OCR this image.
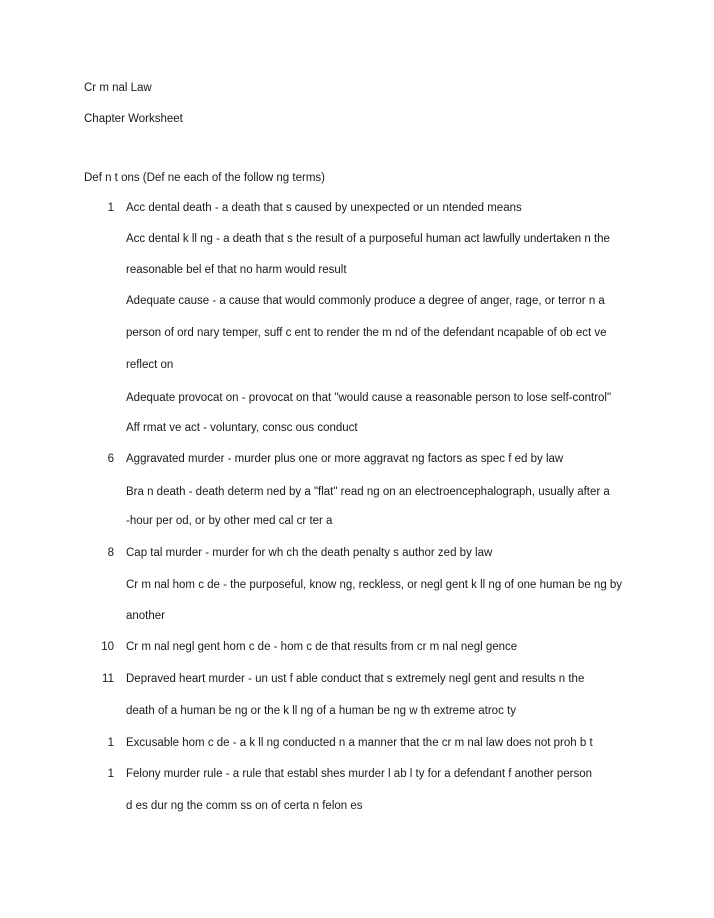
Cr m nal Law
Chapter Worksheet
Def n t ons (Def ne each of the follow ng terms)
1 Acc dental death - a death that s caused by unexpected or un ntended means
Acc dental k ll ng - a death that s the result of a purposeful human act lawfully undertaken n the
reasonable bel ef that no harm would result
Adequate cause - a cause that would commonly produce a degree of anger, rage, or terror n a
person of ord nary temper, suff c ent to render the m nd of the defendant ncapable of ob ect ve
reflect on
Adequate provocat on - provocat on that "would cause a reasonable person to lose self-control"
Aff rmat ve act - voluntary, consc ous conduct
6 Aggravated murder - murder plus one or more aggravat ng factors as spec f ed by law
Bra n death - death determ ned by a "flat" read ng on an electroencephalograph, usually after a
-hour per od, or by other med cal cr ter a
8 Cap tal murder - murder for wh ch the death penalty s author zed by law
Cr m nal hom c de - the purposeful, know ng, reckless, or negl gent k ll ng of one human be ng by
another
10 Cr m nal negl gent hom c de - hom c de that results from cr m nal negl gence
11 Depraved heart murder - un ust f able conduct that s extremely negl gent and results n the
death of a human be ng or the k ll ng of a human be ng w th extreme atroc ty
1 Excusable hom c de - a k ll ng conducted n a manner that the cr m nal law does not proh b t
1 Felony murder rule - a rule that establ shes murder l ab l ty for a defendant f another person
d es dur ng the comm ss on of certa n felon es
